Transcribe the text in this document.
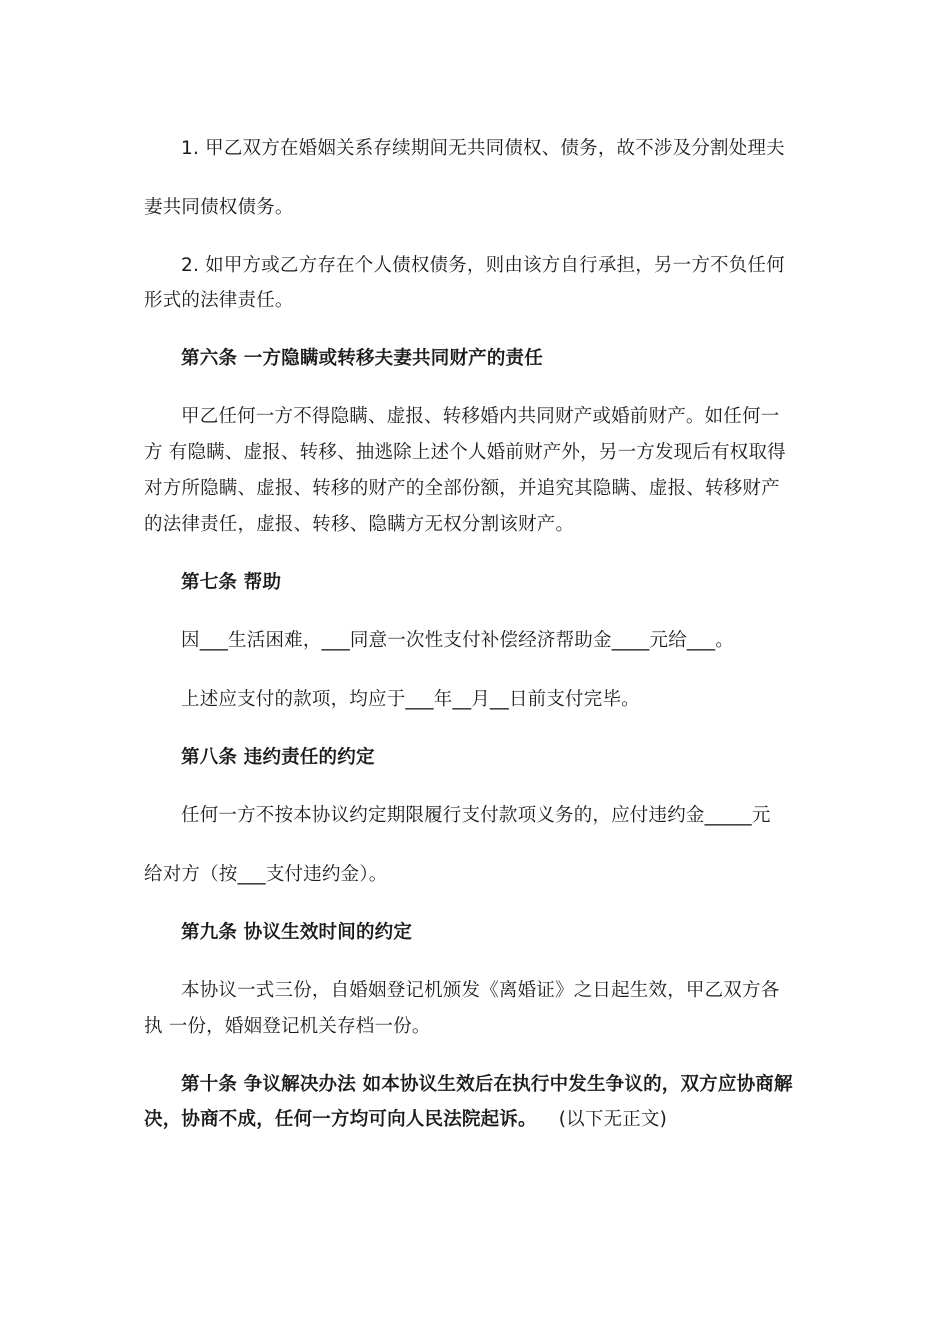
1. 甲乙双方在婚姻关系存续期间无共同债权、债务，故不涉及分割处理夫

妻共同债权债务。

2. 如甲方或乙方存在个人债权债务，则由该方自行承担，另一方不负任何

形式的法律责任。

第六条 一方隐瞒或转移夫妻共同财产的责任

甲乙任何一方不得隐瞒、虚报、转移婚内共同财产或婚前财产。如任何一

方 有隐瞒、虚报、转移、抽逃除上述个人婚前财产外，另一方发现后有权取得

对方所隐瞒、虚报、转移的财产的全部份额，并追究其隐瞒、虚报、转移财产

的法律责任，虚报、转移、隐瞒方无权分割该财产。

第七条 帮助

因___生活困难，___同意一次性支付补偿经济帮助金____元给___。

上述应支付的款项，均应于___年__月__日前支付完毕。

第八条 违约责任的约定

任何一方不按本协议约定期限履行支付款项义务的，应付违约金_____元

给对方（按___支付违约金）。

第九条 协议生效时间的约定

本协议一式三份，自婚姻登记机颁发《离婚证》之日起生效，甲乙双方各

执 一份，婚姻登记机关存档一份。

第十条 争议解决办法 如本协议生效后在执行中发生争议的，双方应协商解

决，协商不成，任何一方均可向人民法院起诉。 (以下无正文)
